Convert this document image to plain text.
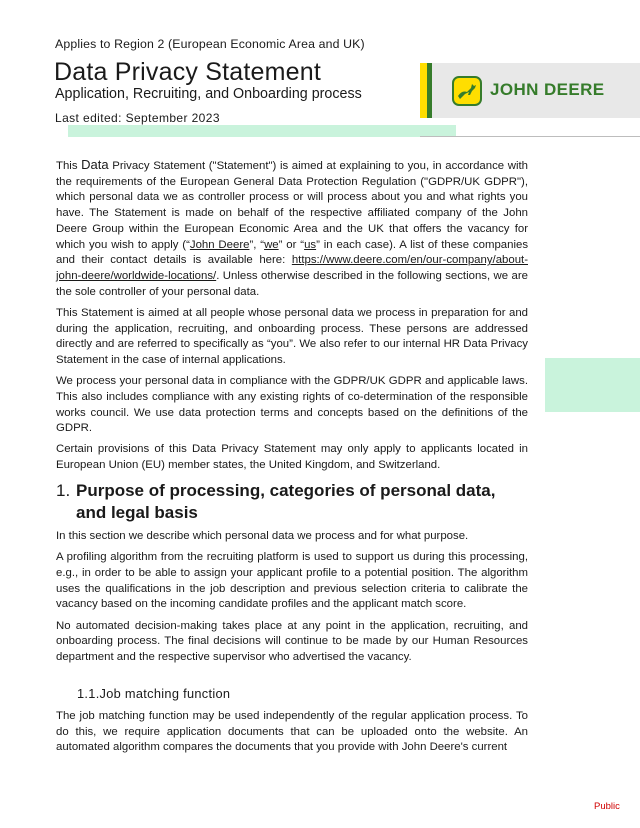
Applies to Region 2 (European Economic Area and UK)
Data Privacy Statement
Application, Recruiting, and Onboarding process
Last edited: September 2023
JOHN DEERE

This Data Privacy Statement ("Statement") is aimed at explaining to you, in accordance with the requirements of the European General Data Protection Regulation ("GDPR/UK GDPR"), which personal data we as controller process or will process about you and what rights you have. The Statement is made on behalf of the respective affiliated company of the John Deere Group within the European Economic Area and the UK that offers the vacancy for which you wish to apply (“John Deere”, “we” or “us” in each case). A list of these companies and their contact details is available here: https://www.deere.com/en/our-company/about-john-deere/worldwide-locations/. Unless otherwise described in the following sections, we are the sole controller of your personal data.

This Statement is aimed at all people whose personal data we process in preparation for and during the application, recruiting, and onboarding process. These persons are addressed directly and are referred to specifically as “you”. We also refer to our internal HR Data Privacy Statement in the case of internal applications.

We process your personal data in compliance with the GDPR/UK GDPR and applicable laws. This also includes compliance with any existing rights of co-determination of the responsible works council. We use data protection terms and concepts based on the definitions of the GDPR.

Certain provisions of this Data Privacy Statement may only apply to applicants located in European Union (EU) member states, the United Kingdom, and Switzerland.

1. Purpose of processing, categories of personal data, and legal basis

In this section we describe which personal data we process and for what purpose.

A profiling algorithm from the recruiting platform is used to support us during this processing, e.g., in order to be able to assign your applicant profile to a potential position. The algorithm uses the qualifications in the job description and previous selection criteria to calibrate the vacancy based on the incoming candidate profiles and the applicant match score.

No automated decision-making takes place at any point in the application, recruiting, and onboarding process. The final decisions will continue to be made by our Human Resources department and the respective supervisor who advertised the vacancy.

1.1.Job matching function

The job matching function may be used independently of the regular application process. To do this, we require application documents that can be uploaded onto the website. An automated algorithm compares the documents that you provide with John Deere's current

Public
